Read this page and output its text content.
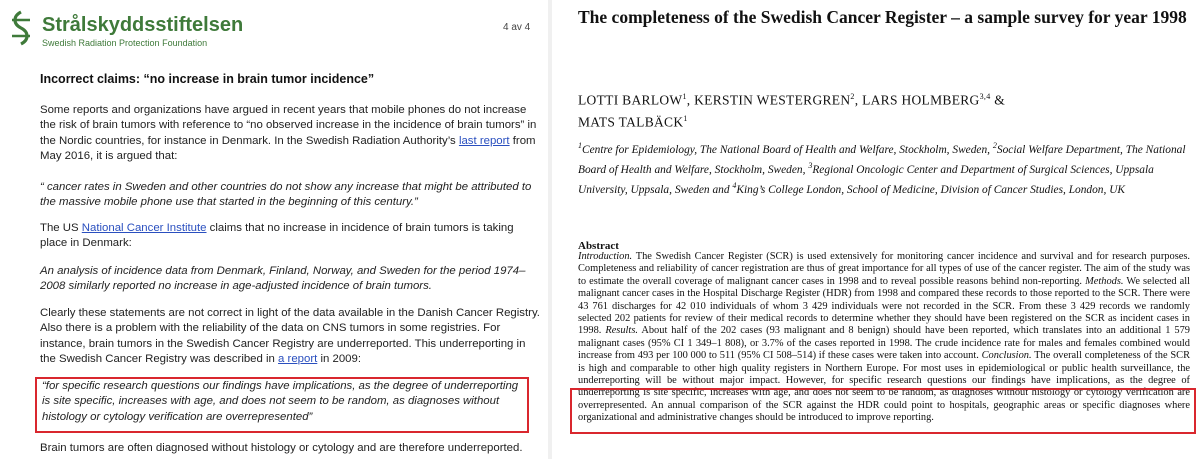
Strålskyddsstiftelsen
Swedish Radiation Protection Foundation
4 av 4
Incorrect claims: “no increase in brain tumor incidence”
Some reports and organizations have argued in recent years that mobile phones do not increase the risk of brain tumors with reference to “no observed increase in the incidence of brain tumors” in the Nordic countries, for instance in Denmark. In the Swedish Radiation Authority’s last report from May 2016, it is argued that:
“ cancer rates in Sweden and other countries do not show any increase that might be attributed to the massive mobile phone use that started in the beginning of this century.”
The US National Cancer Institute claims that no increase in incidence of brain tumors is taking place in Denmark:
An analysis of incidence data from Denmark, Finland, Norway, and Sweden for the period 1974–2008 similarly reported no increase in age-adjusted incidence of brain tumors.
Clearly these statements are not correct in light of the data available in the Danish Cancer Registry. Also there is a problem with the reliability of the data on CNS tumors in some registries. For instance, brain tumors in the Swedish Cancer Registry are underreported. This underreporting in the Swedish Cancer Registry was described in a report in 2009:
“for specific research questions our findings have implications, as the degree of underreporting is site specific, increases with age, and does not seem to be random, as diagnoses without histology or cytology verification are overrepresented”
Brain tumors are often diagnosed without histology or cytology and are therefore underreported.
The completeness of the Swedish Cancer Register – a sample survey for year 1998
LOTTI BARLOW$^1$, KERSTIN WESTERGREN$^2$, LARS HOLMBERG$^{3,4}$ &
MATS TALBÄCK$^1$
$^1$Centre for Epidemiology, The National Board of Health and Welfare, Stockholm, Sweden, $^2$Social Welfare Department, The National Board of Health and Welfare, Stockholm, Sweden, $^3$Regional Oncologic Center and Department of Surgical Sciences, Uppsala University, Uppsala, Sweden and $^4$King’s College London, School of Medicine, Division of Cancer Studies, London, UK
Abstract
Introduction. The Swedish Cancer Register (SCR) is used extensively for monitoring cancer incidence and survival and for research purposes. Completeness and reliability of cancer registration are thus of great importance for all types of use of the cancer register. The aim of the study was to estimate the overall coverage of malignant cancer cases in 1998 and to reveal possible reasons behind non-reporting. Methods. We selected all malignant cancer cases in the Hospital Discharge Register (HDR) from 1998 and compared these records to those reported to the SCR. There were 43 761 discharges for 42 010 individuals of whom 3 429 individuals were not recorded in the SCR. From these 3 429 records we randomly selected 202 patients for review of their medical records to determine whether they should have been registered on the SCR as incident cases in 1998. Results. About half of the 202 cases (93 malignant and 8 benign) should have been reported, which translates into an additional 1 579 malignant cases (95% CI 1 349–1 808), or 3.7% of the cases reported in 1998. The crude incidence rate for males and females combined would increase from 493 per 100 000 to 511 (95% CI 508–514) if these cases were taken into account. Conclusion. The overall completeness of the SCR is high and comparable to other high quality registers in Northern Europe. For most uses in epidemiological or public health surveillance, the underreporting will be without major impact. However, for specific research questions our findings have implications, as the degree of underreporting is site specific, increases with age, and does not seem to be random, as diagnoses without histology or cytology verification are overrepresented. An annual comparison of the SCR against the HDR could point to hospitals, geographic areas or specific diagnoses where organizational and administrative changes should be introduced to improve reporting.
